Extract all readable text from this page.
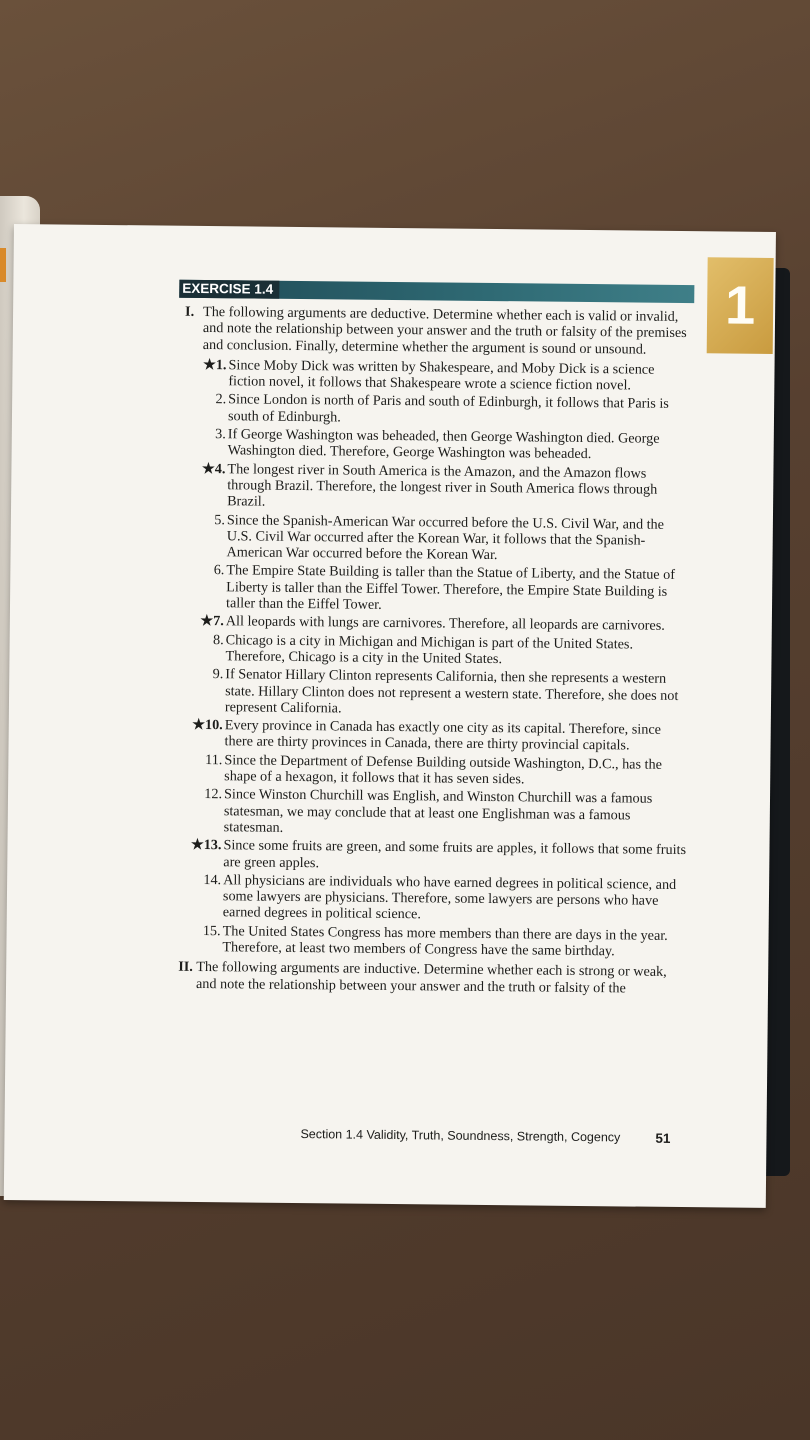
1
EXERCISE 1.4
I. The following arguments are deductive. Determine whether each is valid or invalid, and note the relationship between your answer and the truth or falsity of the premises and conclusion. Finally, determine whether the argument is sound or unsound.

★1. Since Moby Dick was written by Shakespeare, and Moby Dick is a science fiction novel, it follows that Shakespeare wrote a science fiction novel.

2. Since London is north of Paris and south of Edinburgh, it follows that Paris is south of Edinburgh.

3. If George Washington was beheaded, then George Washington died. George Washington died. Therefore, George Washington was beheaded.

★4. The longest river in South America is the Amazon, and the Amazon flows through Brazil. Therefore, the longest river in South America flows through Brazil.

5. Since the Spanish-American War occurred before the U.S. Civil War, and the U.S. Civil War occurred after the Korean War, it follows that the Spanish-American War occurred before the Korean War.

6. The Empire State Building is taller than the Statue of Liberty, and the Statue of Liberty is taller than the Eiffel Tower. Therefore, the Empire State Building is taller than the Eiffel Tower.

★7. All leopards with lungs are carnivores. Therefore, all leopards are carnivores.

8. Chicago is a city in Michigan and Michigan is part of the United States. Therefore, Chicago is a city in the United States.

9. If Senator Hillary Clinton represents California, then she represents a western state. Hillary Clinton does not represent a western state. Therefore, she does not represent California.

★10. Every province in Canada has exactly one city as its capital. Therefore, since there are thirty provinces in Canada, there are thirty provincial capitals.

11. Since the Department of Defense Building outside Washington, D.C., has the shape of a hexagon, it follows that it has seven sides.

12. Since Winston Churchill was English, and Winston Churchill was a famous statesman, we may conclude that at least one Englishman was a famous statesman.

★13. Since some fruits are green, and some fruits are apples, it follows that some fruits are green apples.

14. All physicians are individuals who have earned degrees in political science, and some lawyers are physicians. Therefore, some lawyers are persons who have earned degrees in political science.

15. The United States Congress has more members than there are days in the year. Therefore, at least two members of Congress have the same birthday.

II. The following arguments are inductive. Determine whether each is strong or weak, and note the relationship between your answer and the truth or falsity of the

Section 1.4 Validity, Truth, Soundness, Strength, Cogency	51
